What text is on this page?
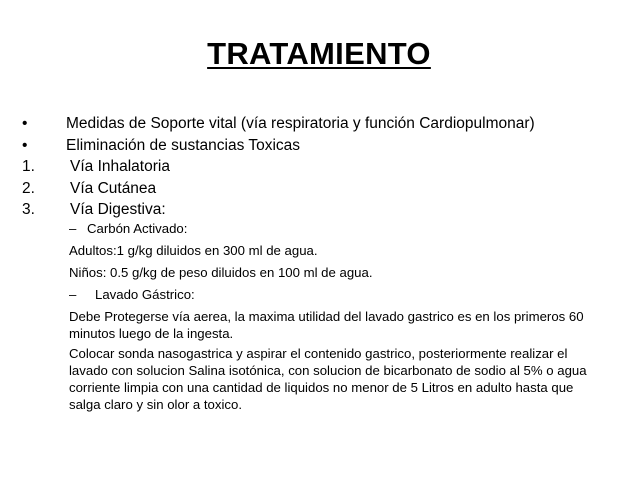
TRATAMIENTO
•	Medidas de Soporte vital (vía respiratoria y función Cardiopulmonar)
•	Eliminación de sustancias Toxicas
1.	Vía Inhalatoria
2.	Vía Cutánea
3.	Vía Digestiva:
– Carbón Activado:
Adultos:1 g/kg diluidos en 300 ml de agua.
Niños: 0.5 g/kg de peso diluidos en 100 ml de agua.
– Lavado Gástrico:
Debe Protegerse vía aerea, la maxima utilidad del lavado gastrico es en los primeros 60 minutos luego de la ingesta.
Colocar sonda nasogastrica y aspirar el contenido gastrico, posteriormente realizar el lavado con solucion Salina isotónica, con solucion de bicarbonato de sodio al 5% o agua corriente limpia con una cantidad de liquidos no menor de 5 Litros en adulto hasta que salga claro y sin olor a toxico.
